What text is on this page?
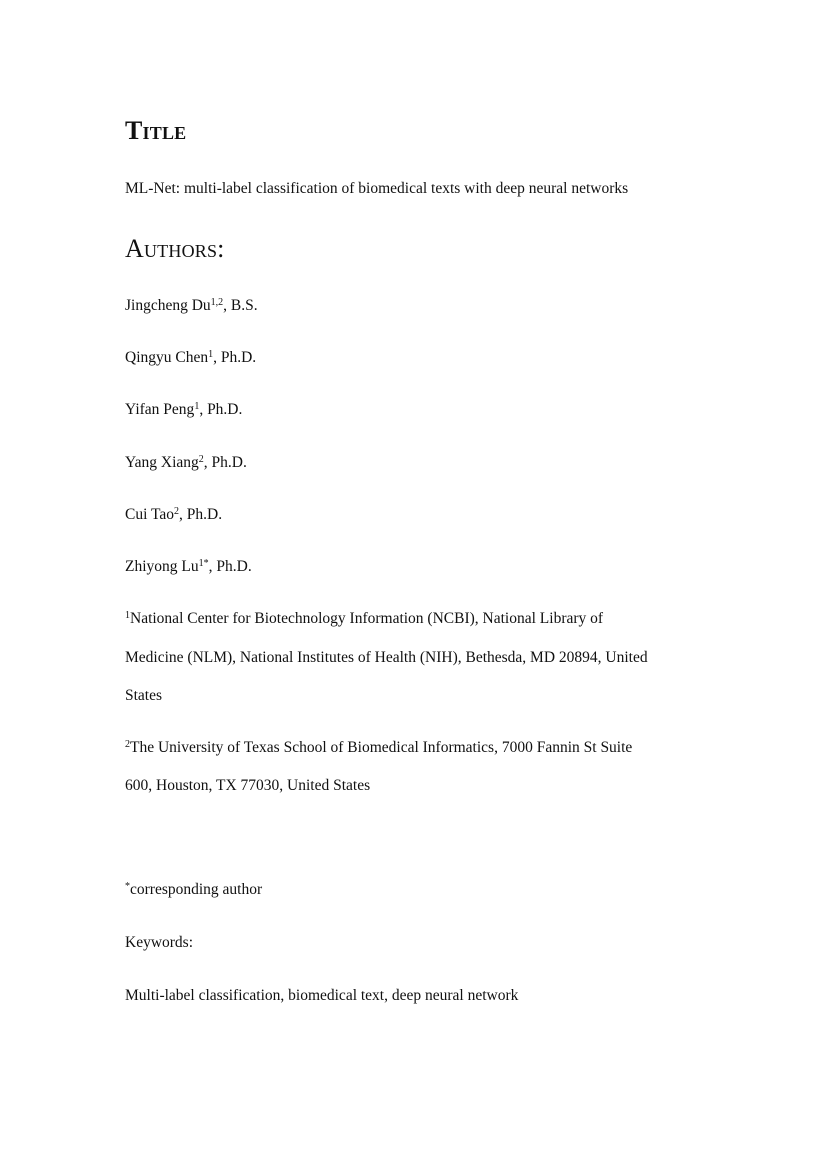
Title
ML-Net: multi-label classification of biomedical texts with deep neural networks
Authors:
Jingcheng Du$^{1,2}$, B.S.
Qingyu Chen$^1$, Ph.D.
Yifan Peng$^1$, Ph.D.
Yang Xiang$^2$, Ph.D.
Cui Tao$^2$, Ph.D.
Zhiyong $Lu^{1*}$, Ph.D.
$^1$National Center for Biotechnology Information (NCBI), National Library of
Medicine (NLM), National Institutes of Health (NIH), Bethesda, MD 20894, United
States
$^2$The University of Texas School of Biomedical Informatics, 7000 Fannin St Suite
600, Houston, TX 77030, United States
*corresponding author
Keywords:
Multi-label classification, biomedical text, deep neural network
